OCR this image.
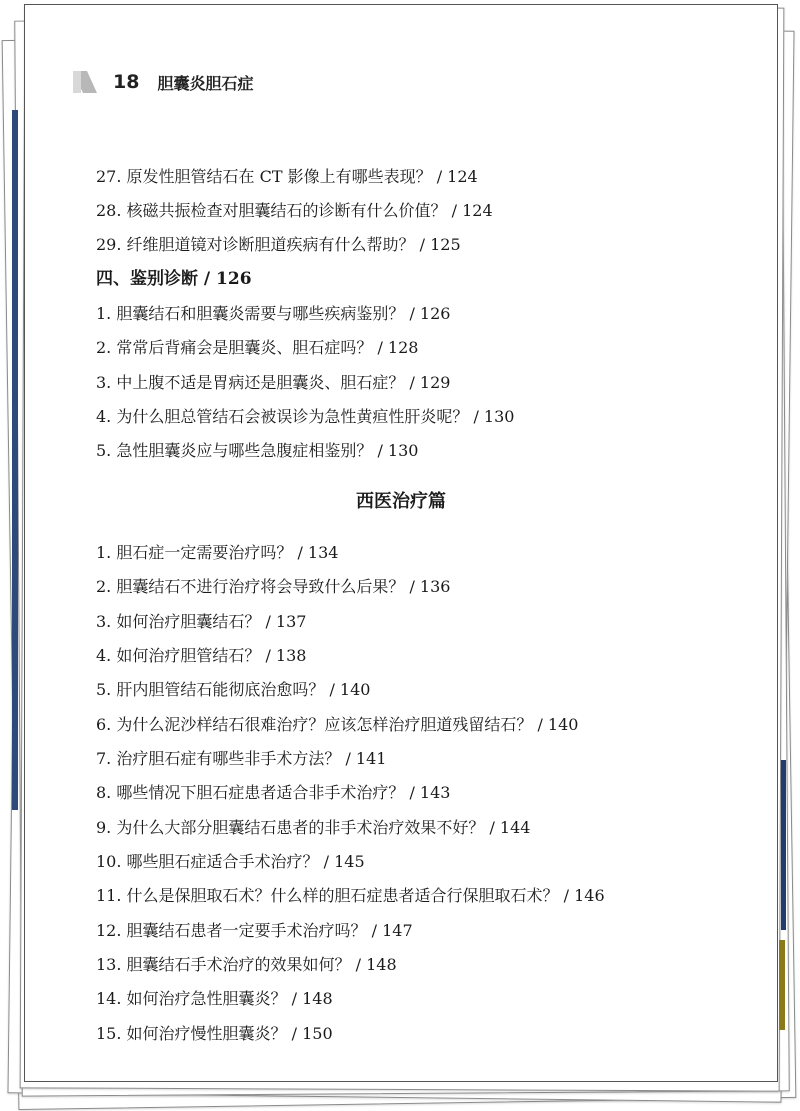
18 胆囊炎胆石症
27. 原发性胆管结石在 CT 影像上有哪些表现？ / 124
28. 核磁共振检查对胆囊结石的诊断有什么价值？ / 124
29. 纤维胆道镜对诊断胆道疾病有什么帮助？ / 125
四、鉴别诊断 / 126
1. 胆囊结石和胆囊炎需要与哪些疾病鉴别？ / 126
2. 常常后背痛会是胆囊炎、胆石症吗？ / 128
3. 中上腹不适是胃病还是胆囊炎、胆石症？ / 129
4. 为什么胆总管结石会被误诊为急性黄疸性肝炎呢？ / 130
5. 急性胆囊炎应与哪些急腹症相鉴别？ / 130
西医治疗篇
1. 胆石症一定需要治疗吗？ / 134
2. 胆囊结石不进行治疗将会导致什么后果？ / 136
3. 如何治疗胆囊结石？ / 137
4. 如何治疗胆管结石？ / 138
5. 肝内胆管结石能彻底治愈吗？ / 140
6. 为什么泥沙样结石很难治疗？应该怎样治疗胆道残留结石？ / 140
7. 治疗胆石症有哪些非手术方法？ / 141
8. 哪些情况下胆石症患者适合非手术治疗？ / 143
9. 为什么大部分胆囊结石患者的非手术治疗效果不好？ / 144
10. 哪些胆石症适合手术治疗？ / 145
11. 什么是保胆取石术？什么样的胆石症患者适合行保胆取石术？ / 146
12. 胆囊结石患者一定要手术治疗吗？ / 147
13. 胆囊结石手术治疗的效果如何？ / 148
14. 如何治疗急性胆囊炎？ / 148
15. 如何治疗慢性胆囊炎？ / 150
